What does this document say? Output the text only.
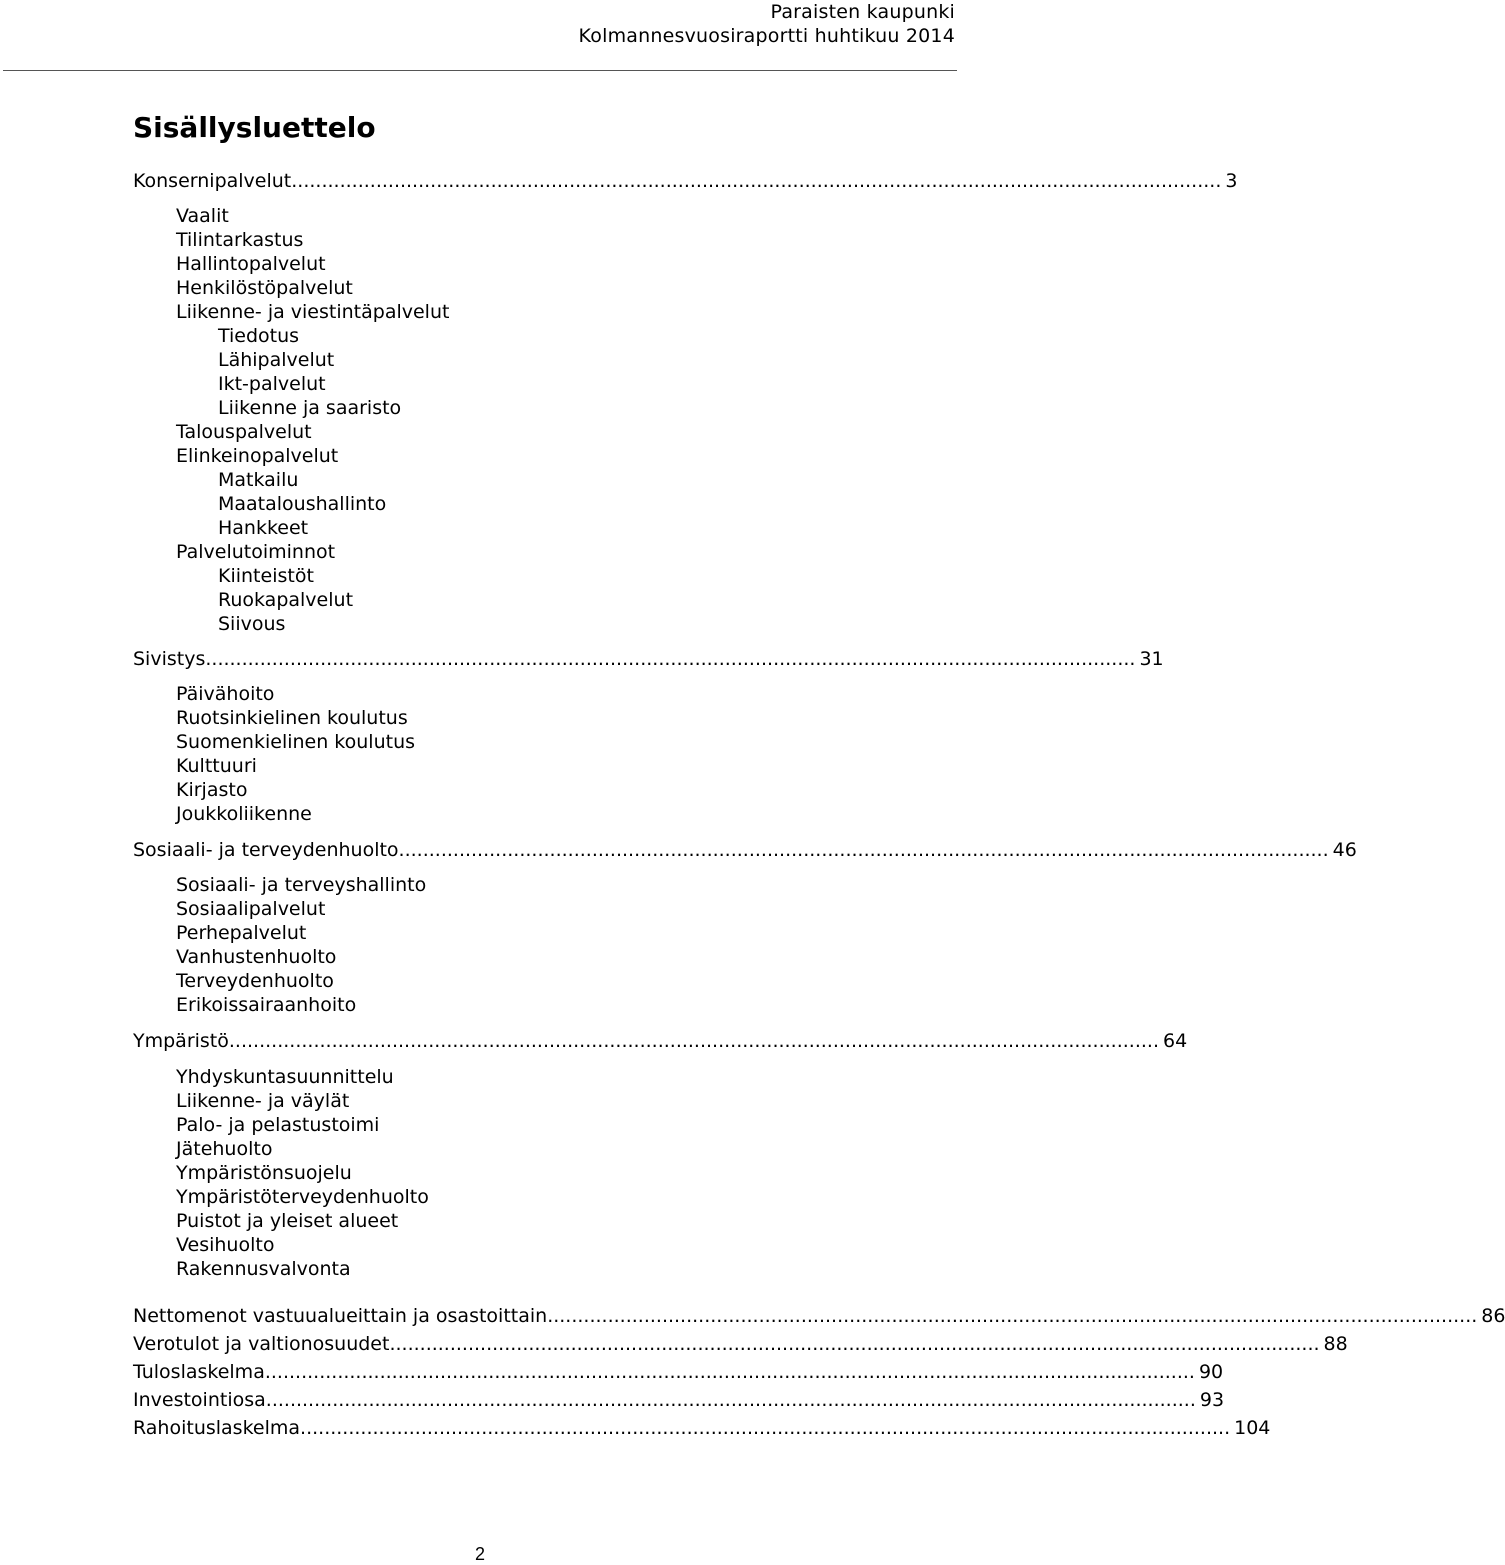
Paraisten kaupunki
Kolmannesvuosiraportti huhtikuu 2014
Sisällysluettelo
Konsernipalvelut .......................................................................................................................................................... 3
Vaalit
Tilintarkastus
Hallintopalvelut
Henkilöstöpalvelut
Liikenne- ja viestintäpalvelut
Tiedotus
Lähipalvelut
Ikt-palvelut
Liikenne ja saaristo
Talouspalvelut
Elinkeinopalvelut
Matkailu
Maataloushallinto
Hankkeet
Palvelutoiminnot
Kiinteistöt
Ruokapalvelut
Siivous
Sivistys .......................................................................................................................................................... 31
Päivähoito
Ruotsinkielinen koulutus
Suomenkielinen koulutus
Kulttuuri
Kirjasto
Joukkoliikenne
Sosiaali- ja terveydenhuolto .......................................................................................................................................................... 46
Sosiaali- ja terveyshallinto
Sosiaalipalvelut
Perhepalvelut
Vanhustenhuolto
Terveydenhuolto
Erikoissairaanhoito
Ympäristö .......................................................................................................................................................... 64
Yhdyskuntasuunnittelu
Liikenne- ja väylät
Palo- ja pelastustoimi
Jätehuolto
Ympäristönsuojelu
Ympäristöterveydenhuolto
Puistot ja yleiset alueet
Vesihuolto
Rakennusvalvonta
Nettomenot vastuualueittain ja osastoittain .......................................................................................................................................................... 86
Verotulot ja valtionosuudet .......................................................................................................................................................... 88
Tuloslaskelma .......................................................................................................................................................... 90
Investointiosa .......................................................................................................................................................... 93
Rahoituslaskelma .......................................................................................................................................................... 104
2
